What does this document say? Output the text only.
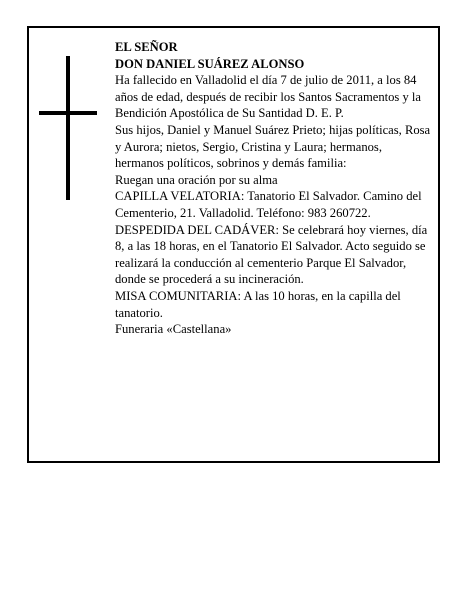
EL SEÑOR

DON DANIEL SUÁREZ ALONSO

Ha fallecido en Valladolid el día 7 de julio de 2011, a los 84 años de edad, después de recibir los Santos Sacramentos y la Bendición Apostólica de Su Santidad D. E. P.

Sus hijos, Daniel y Manuel Suárez Prieto; hijas políticas, Rosa y Aurora; nietos, Sergio, Cristina y Laura; hermanos, hermanos políticos, sobrinos y demás familia:

Ruegan una oración por su alma

CAPILLA VELATORIA: Tanatorio El Salvador. Camino del Cementerio, 21. Valladolid. Teléfono: 983 260722.

DESPEDIDA DEL CADÁVER: Se celebrará hoy viernes, día 8, a las 18 horas, en el Tanatorio El Salvador. Acto seguido se realizará la conducción al cementerio Parque El Salvador, donde se procederá a su incineración.

MISA COMUNITARIA: A las 10 horas, en la capilla del tanatorio.

Funeraria «Castellana»
